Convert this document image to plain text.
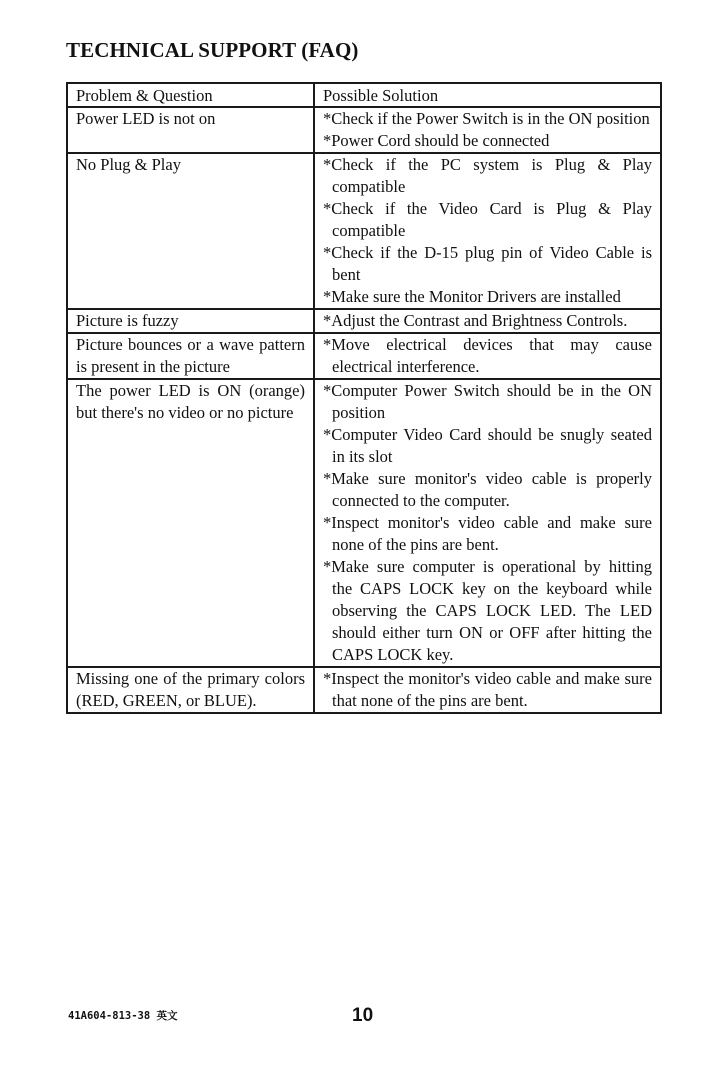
TECHNICAL SUPPORT (FAQ)
Problem & Question	Possible Solution

Power LED is not on	*Check if the Power Switch is in the ON position
*Power Cord should be connected

No Plug & Play	*Check if the PC system is Plug & Play compatible
*Check if the Video Card is Plug & Play compatible
*Check if the D-15 plug pin of Video Cable is bent
*Make sure the Monitor Drivers are installed

Picture is fuzzy	*Adjust the Contrast and Brightness Controls.

Picture bounces or a wave pattern is present in the picture	*Move electrical devices that may cause electrical interference.

The power LED is ON (orange) but there's no video or no picture	*Computer Power Switch should be in the ON position
*Computer Video Card should be snugly seated in its slot
*Make sure monitor's video cable is properly connected to the computer.
*Inspect monitor's video cable and make sure none of the pins are bent.
*Make sure computer is operational by hitting the CAPS LOCK key on the keyboard while observing the CAPS LOCK LED. The LED should either turn ON or OFF after hitting the CAPS LOCK key.

Missing one of the primary colors (RED, GREEN, or BLUE).	*Inspect the monitor's video cable and make sure that none of the pins are bent.
41A604-813-38 英文	10
